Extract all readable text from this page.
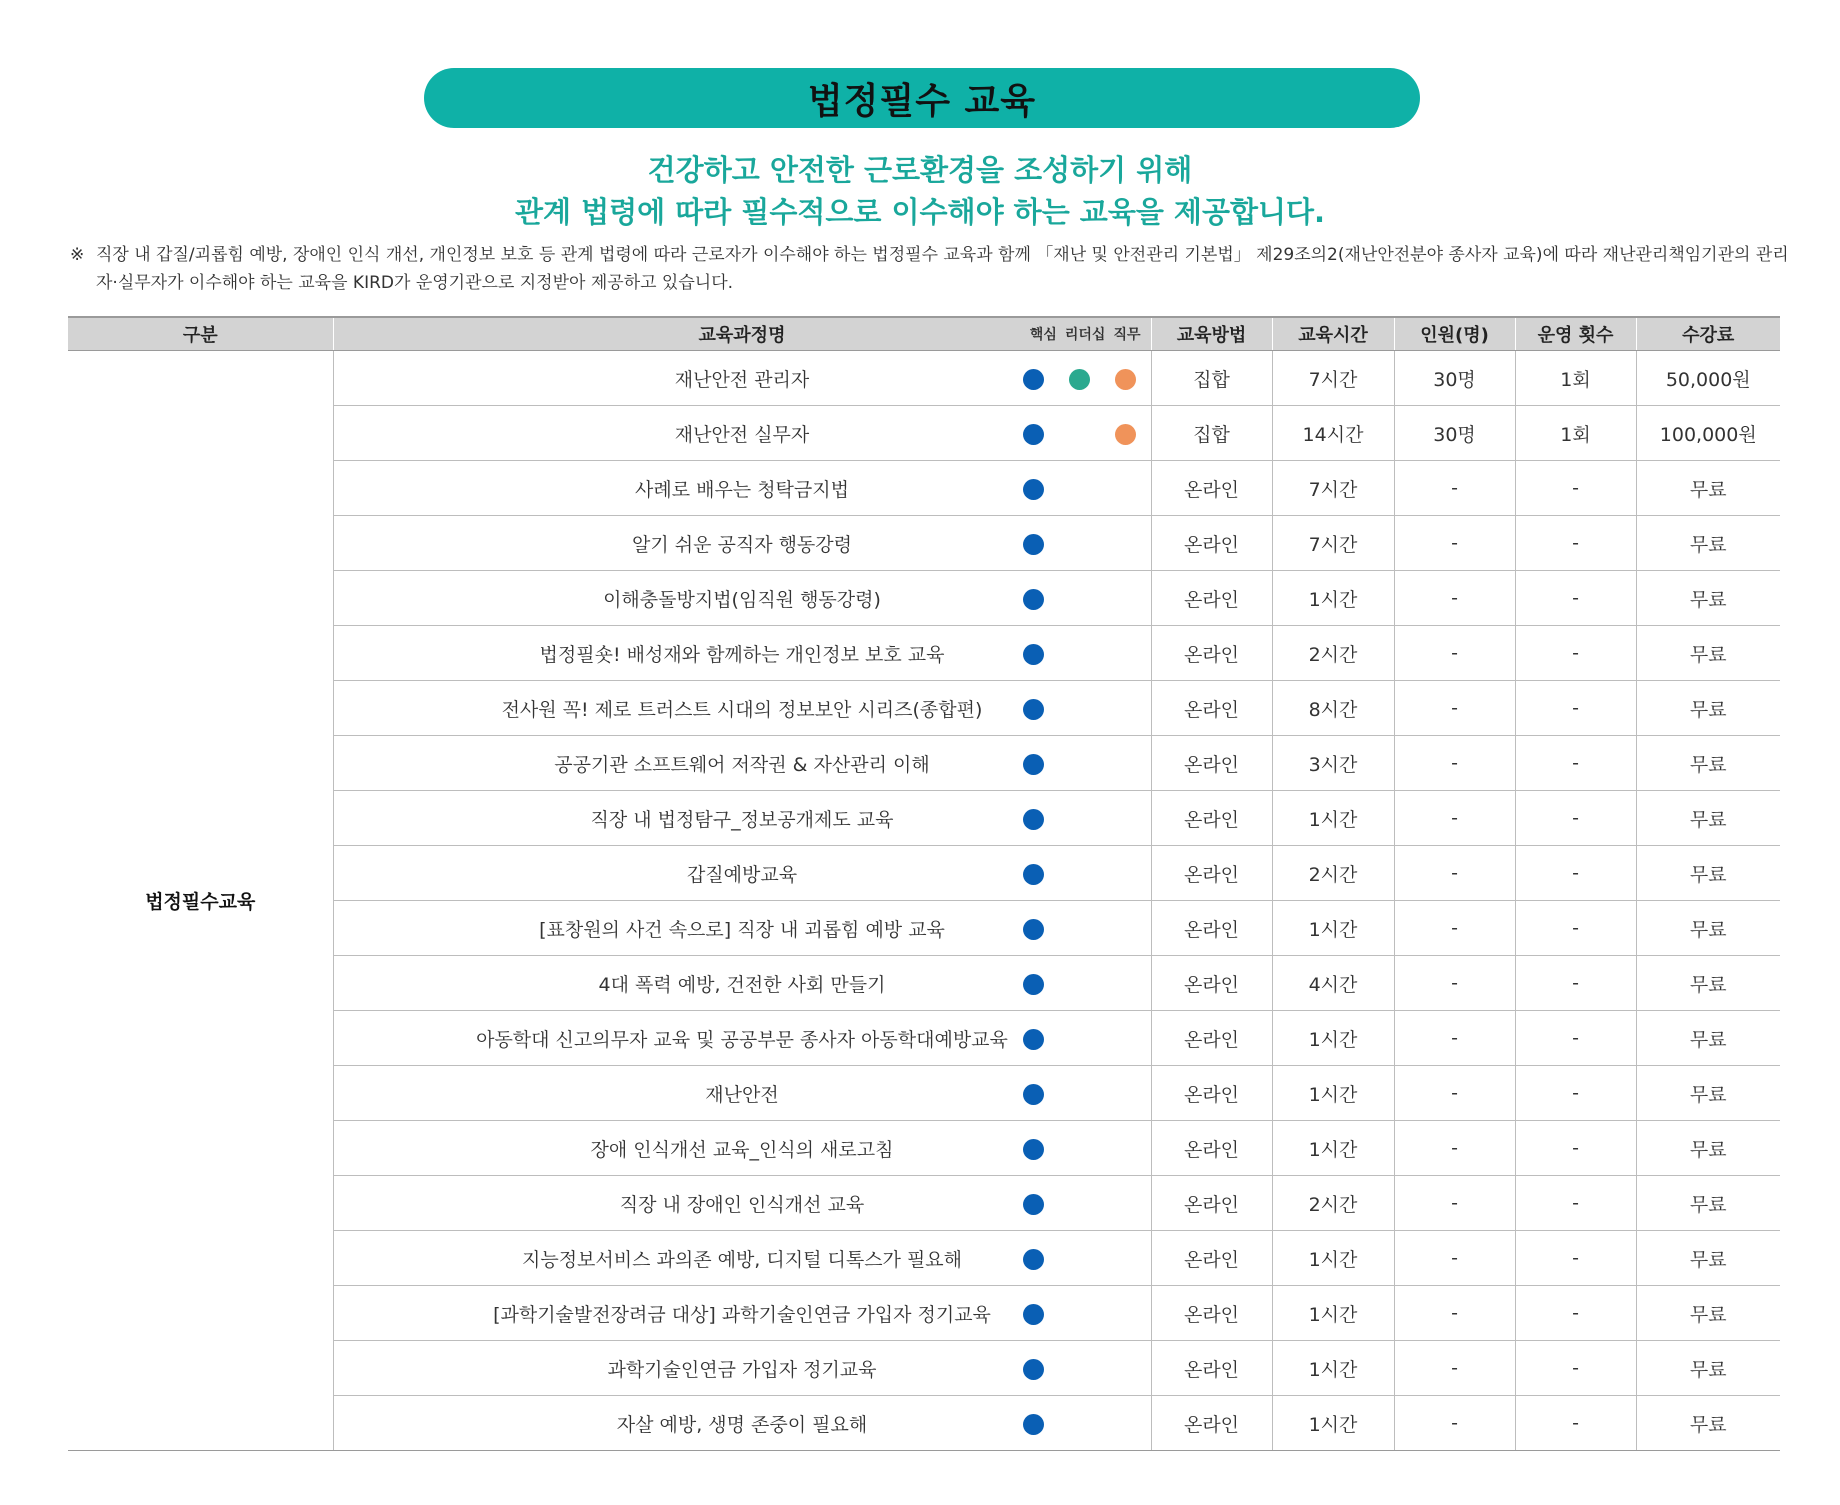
법정필수 교육
건강하고 안전한 근로환경을 조성하기 위해
관계 법령에 따라 필수적으로 이수해야 하는 교육을 제공합니다.
※ 직장 내 갑질/괴롭힘 예방, 장애인 인식 개선, 개인정보 보호 등 관계 법령에 따라 근로자가 이수해야 하는 법정필수 교육과 함께 「재난 및 안전관리 기본법」 제29조의2(재난안전분야 종사자 교육)에 따라 재난관리책임기관의 관리자·실무자가 이수해야 하는 교육을 KIRD가 운영기관으로 지정받아 제공하고 있습니다.
구분	교육과정명 핵심 리더십 직무	교육방법	교육시간	인원(명)	운영 횟수	수강료
법정필수교육	재난안전 관리자	집합	7시간	30명	1회	50,000원
	재난안전 실무자	집합	14시간	30명	1회	100,000원
	사례로 배우는 청탁금지법	온라인	7시간	-	-	무료
	알기 쉬운 공직자 행동강령	온라인	7시간	-	-	무료
	이해충돌방지법(임직원 행동강령)	온라인	1시간	-	-	무료
	법정필숏! 배성재와 함께하는 개인정보 보호 교육	온라인	2시간	-	-	무료
	전사원 꼭! 제로 트러스트 시대의 정보보안 시리즈(종합편)	온라인	8시간	-	-	무료
	공공기관 소프트웨어 저작권 & 자산관리 이해	온라인	3시간	-	-	무료
	직장 내 법정탐구_정보공개제도 교육	온라인	1시간	-	-	무료
	갑질예방교육	온라인	2시간	-	-	무료
	[표창원의 사건 속으로] 직장 내 괴롭힘 예방 교육	온라인	1시간	-	-	무료
	4대 폭력 예방, 건전한 사회 만들기	온라인	4시간	-	-	무료
	아동학대 신고의무자 교육 및 공공부문 종사자 아동학대예방교육	온라인	1시간	-	-	무료
	재난안전	온라인	1시간	-	-	무료
	장애 인식개선 교육_인식의 새로고침	온라인	1시간	-	-	무료
	직장 내 장애인 인식개선 교육	온라인	2시간	-	-	무료
	지능정보서비스 과의존 예방, 디지털 디톡스가 필요해	온라인	1시간	-	-	무료
	[과학기술발전장려금 대상] 과학기술인연금 가입자 정기교육	온라인	1시간	-	-	무료
	과학기술인연금 가입자 정기교육	온라인	1시간	-	-	무료
	자살 예방, 생명 존중이 필요해	온라인	1시간	-	-	무료
